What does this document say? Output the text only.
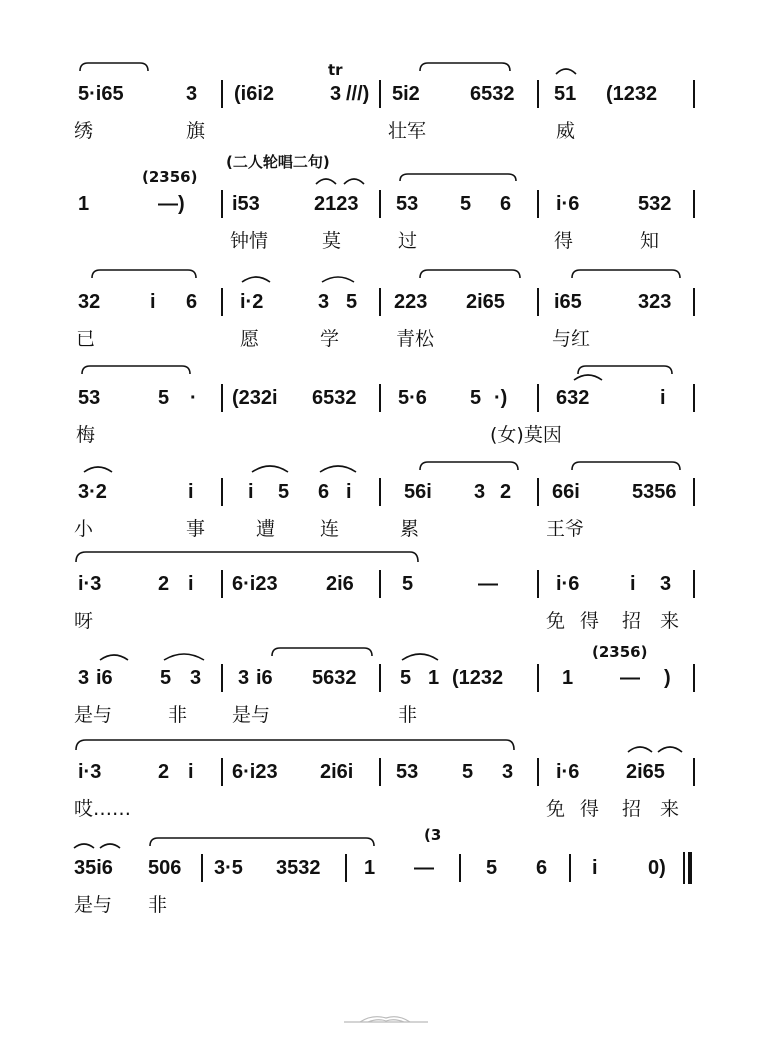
5·i65	3 (i6i2
tr
3 ///) 5i2	6532 51 (1232
绣	旗	壮军	威
(二人轮唱二句)
(2356)
1	—) i53	2123 53 5 6 i·6	532
钟情	莫	过	得	知
32 i 6 i·2	3 5 223 2i65 i65	323
已	愿	学	青松	与红
53	5 · (232i 6532 5·6 5 ·) 632	i
梅	(女)莫因
3·2	i	i 5 6 i	56i 3 2 66i	5356
小	事	遭 连	累	王爷
i·3	2 i 6·i23 2i6 5	—	i·6	i 3
呀	免 得 招 来
(2356)
3 i6 5 3 3 i6 5632 5 1 (1232	1 — )
是与	非 是与	非
i·3	2 i 6·i23 2i6i 53 5 3 i·6 2i65
哎……	免 得 招 来
(3
35i6 506 3·5 3532 1 —	5 6 i	0)
是与 非
